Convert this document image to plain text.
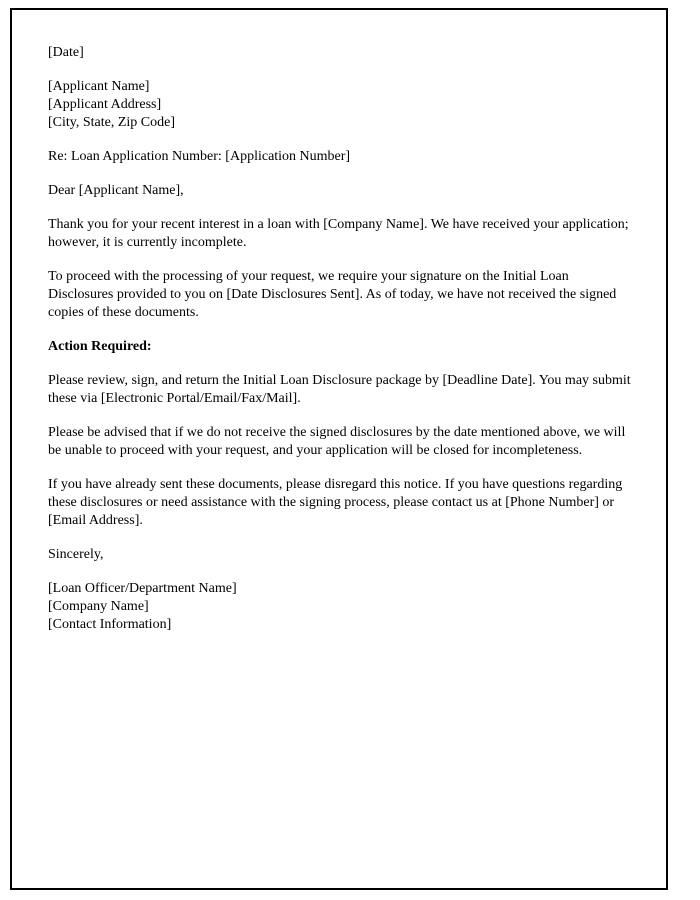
[Date]

[Applicant Name]

[Applicant Address]

[City, State, Zip Code]

Re: Loan Application Number: [Application Number]

Dear [Applicant Name],

Thank you for your recent interest in a loan with [Company Name]. We have received your application; however, it is currently incomplete.

To proceed with the processing of your request, we require your signature on the Initial Loan Disclosures provided to you on [Date Disclosures Sent]. As of today, we have not received the signed copies of these documents.

Action Required:

Please review, sign, and return the Initial Loan Disclosure package by [Deadline Date]. You may submit these via [Electronic Portal/Email/Fax/Mail].

Please be advised that if we do not receive the signed disclosures by the date mentioned above, we will be unable to proceed with your request, and your application will be closed for incompleteness.

If you have already sent these documents, please disregard this notice. If you have questions regarding these disclosures or need assistance with the signing process, please contact us at [Phone Number] or [Email Address].

Sincerely,

[Loan Officer/Department Name]

[Company Name]

[Contact Information]
